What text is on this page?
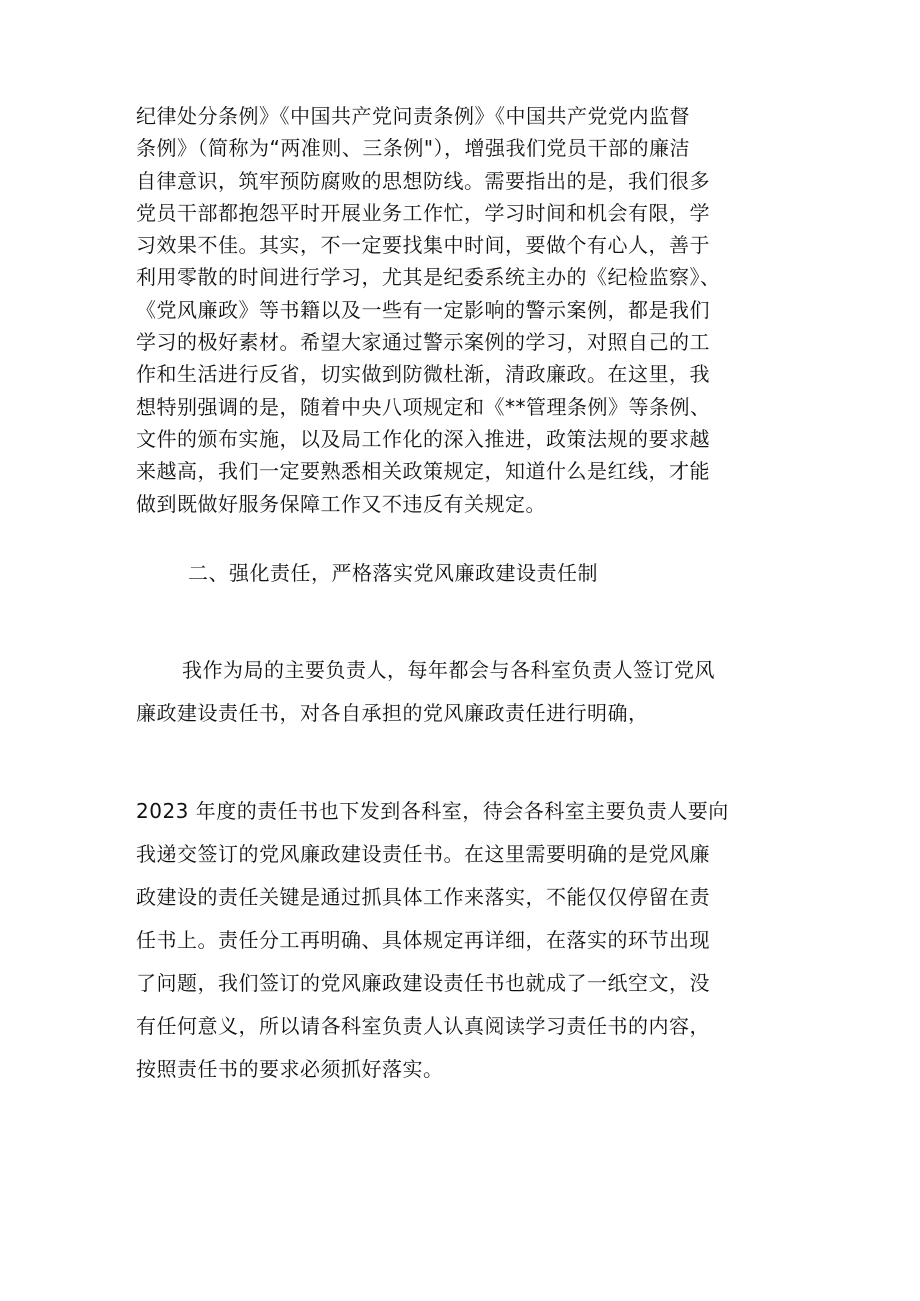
纪律处分条例》《中国共产党问责条例》《中国共产党党内监督
条例》（简称为“两准则、三条例"），增强我们党员干部的廉洁
自律意识，筑牢预防腐败的思想防线。需要指出的是，我们很多
党员干部都抱怨平时开展业务工作忙，学习时间和机会有限，学
习效果不佳。其实，不一定要找集中时间，要做个有心人，善于
利用零散的时间进行学习，尤其是纪委系统主办的《纪检监察》、
《党风廉政》等书籍以及一些有一定影响的警示案例，都是我们
学习的极好素材。希望大家通过警示案例的学习，对照自己的工
作和生活进行反省，切实做到防微杜渐，清政廉政。在这里，我
想特别强调的是，随着中央八项规定和《**管理条例》等条例、
文件的颁布实施，以及局工作化的深入推进，政策法规的要求越
来越高，我们一定要熟悉相关政策规定，知道什么是红线，才能
做到既做好服务保障工作又不违反有关规定。
二、强化责任，严格落实党风廉政建设责任制
我作为局的主要负责人，每年都会与各科室负责人签订党风
廉政建设责任书，对各自承担的党风廉政责任进行明确，
2023 年度的责任书也下发到各科室，待会各科室主要负责人要向
我递交签订的党风廉政建设责任书。在这里需要明确的是党风廉
政建设的责任关键是通过抓具体工作来落实，不能仅仅停留在责
任书上。责任分工再明确、具体规定再详细，在落实的环节出现
了问题，我们签订的党风廉政建设责任书也就成了一纸空文，没
有任何意义，所以请各科室负责人认真阅读学习责任书的内容，
按照责任书的要求必须抓好落实。
